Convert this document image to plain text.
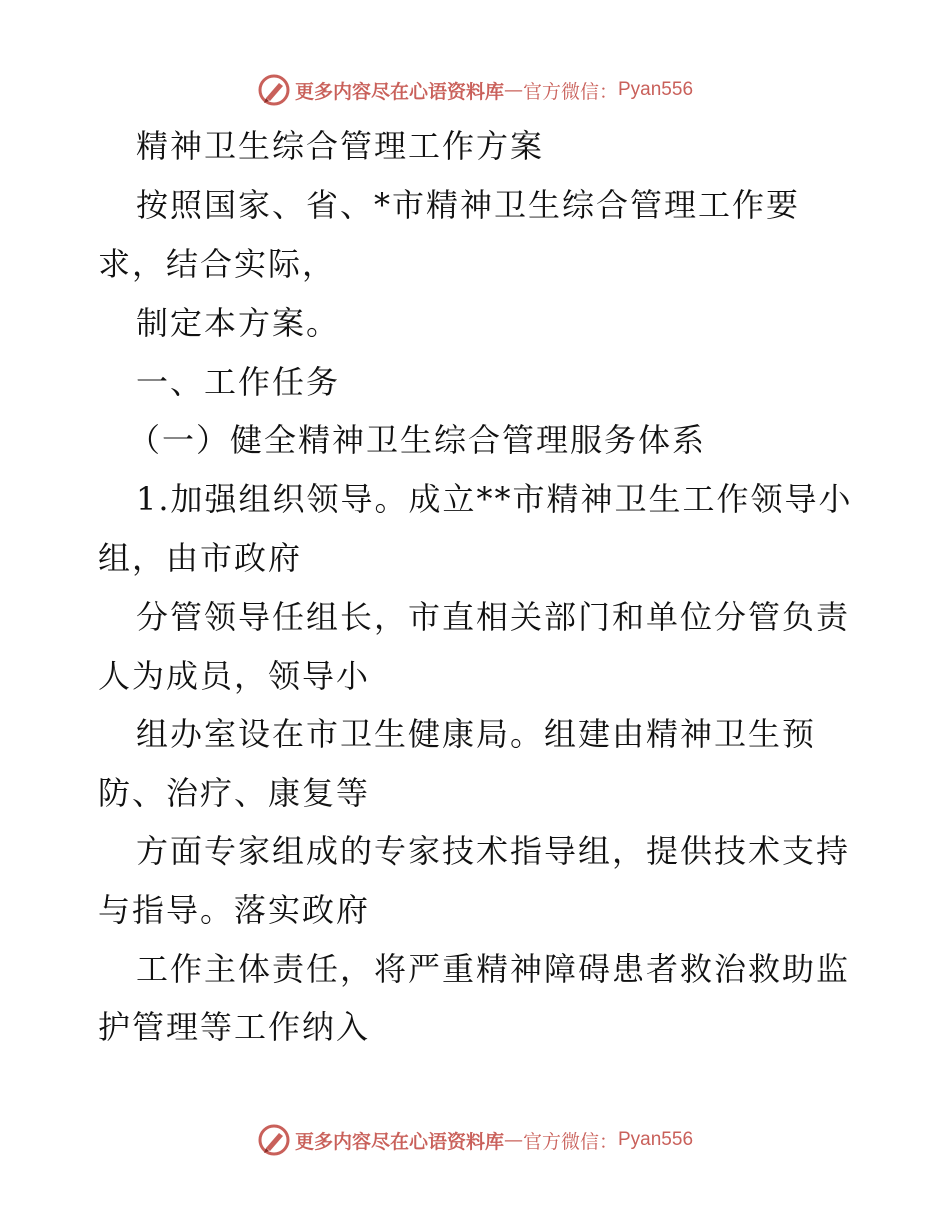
更多内容尽在心语资料库 — 官方微信： Pyan556
精神卫生综合管理工作方案
按照国家、省、*市精神卫生综合管理工作要
求，结合实际，
制定本方案。
一、工作任务
（一）健全精神卫生综合管理服务体系
1.加强组织领导。成立**市精神卫生工作领导小
组，由市政府
分管领导任组长，市直相关部门和单位分管负责
人为成员，领导小
组办室设在市卫生健康局。组建由精神卫生预
防、治疗、康复等
方面专家组成的专家技术指导组，提供技术支持
与指导。落实政府
工作主体责任，将严重精神障碍患者救治救助监
护管理等工作纳入
更多内容尽在心语资料库 — 官方微信： Pyan556
